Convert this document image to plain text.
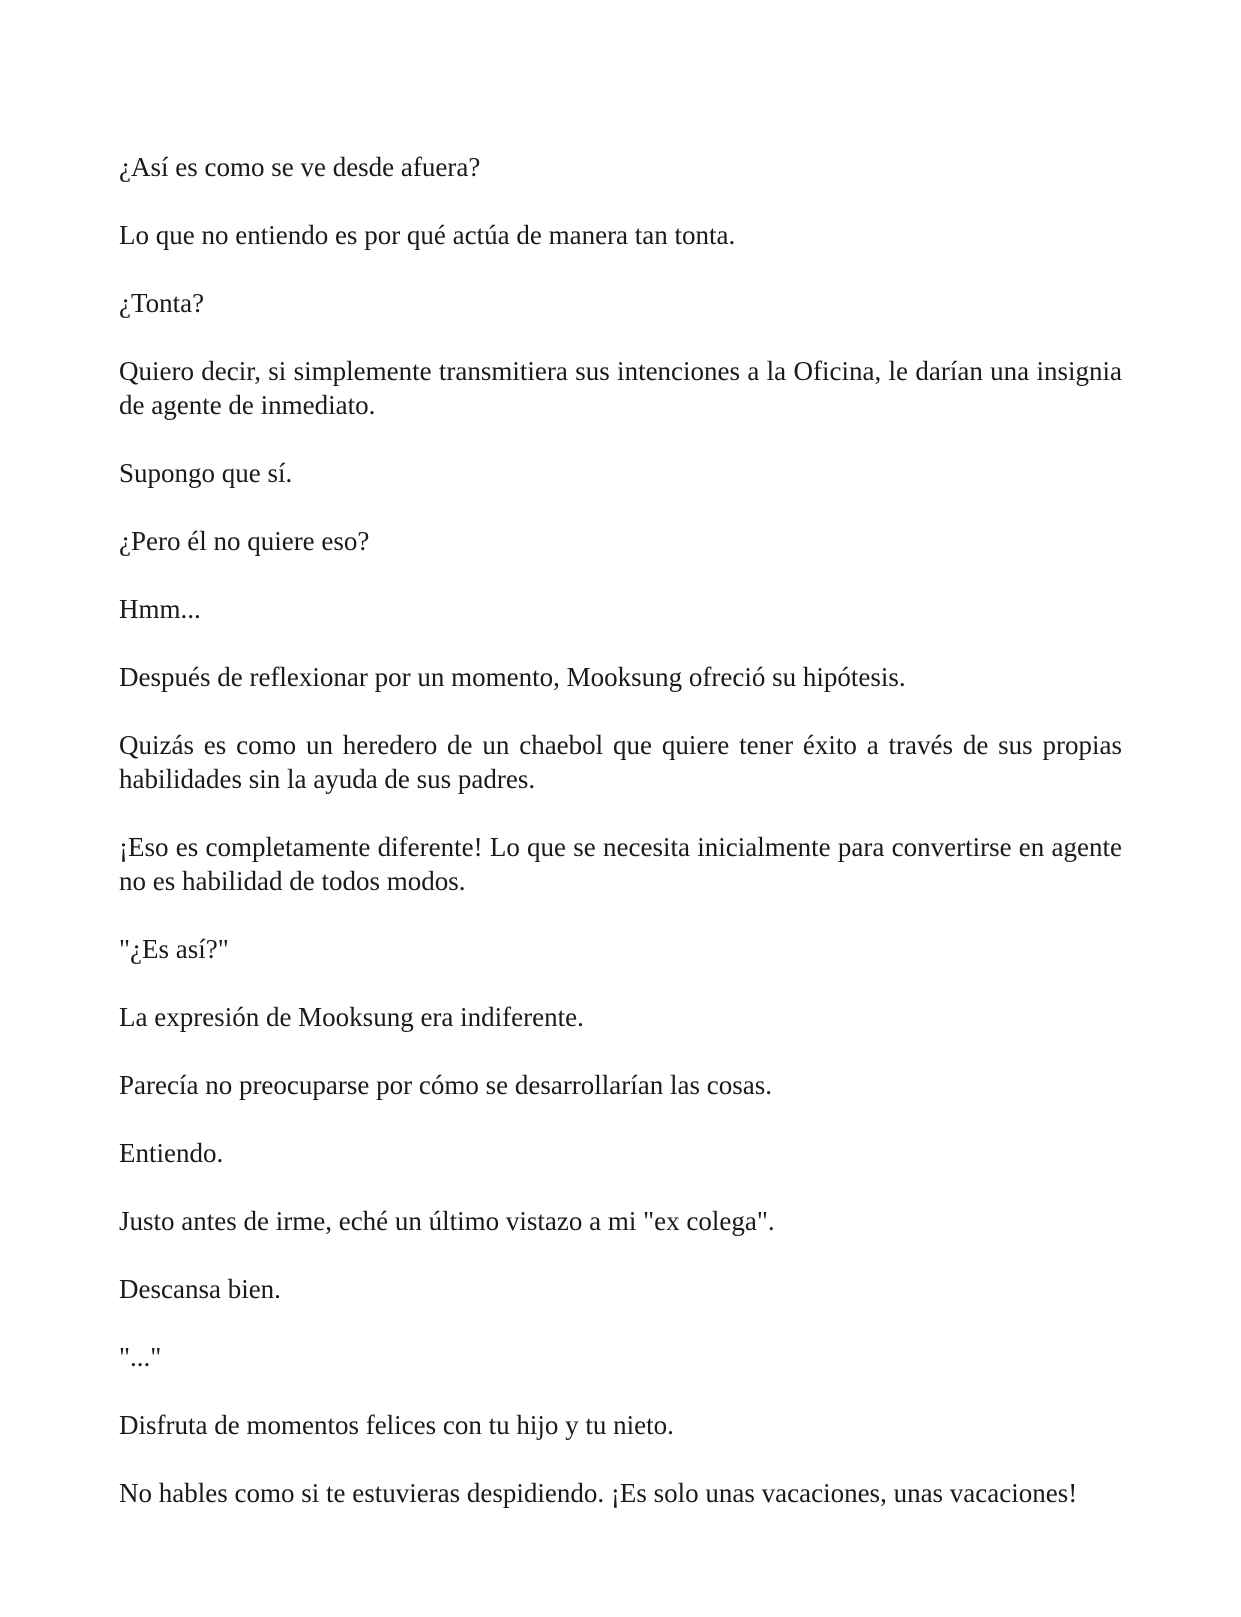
¿Así es como se ve desde afuera?

Lo que no entiendo es por qué actúa de manera tan tonta.

¿Tonta?

Quiero decir, si simplemente transmitiera sus intenciones a la Oficina, le darían una insignia de agente de inmediato.

Supongo que sí.

¿Pero él no quiere eso?

Hmm...

Después de reflexionar por un momento, Mooksung ofreció su hipótesis.

Quizás es como un heredero de un chaebol que quiere tener éxito a través de sus propias habilidades sin la ayuda de sus padres.

¡Eso es completamente diferente! Lo que se necesita inicialmente para convertirse en agente no es habilidad de todos modos.

"¿Es así?"

La expresión de Mooksung era indiferente.

Parecía no preocuparse por cómo se desarrollarían las cosas.

Entiendo.

Justo antes de irme, eché un último vistazo a mi "ex colega".

Descansa bien.

"..."

Disfruta de momentos felices con tu hijo y tu nieto.

No hables como si te estuvieras despidiendo. ¡Es solo unas vacaciones, unas vacaciones!
